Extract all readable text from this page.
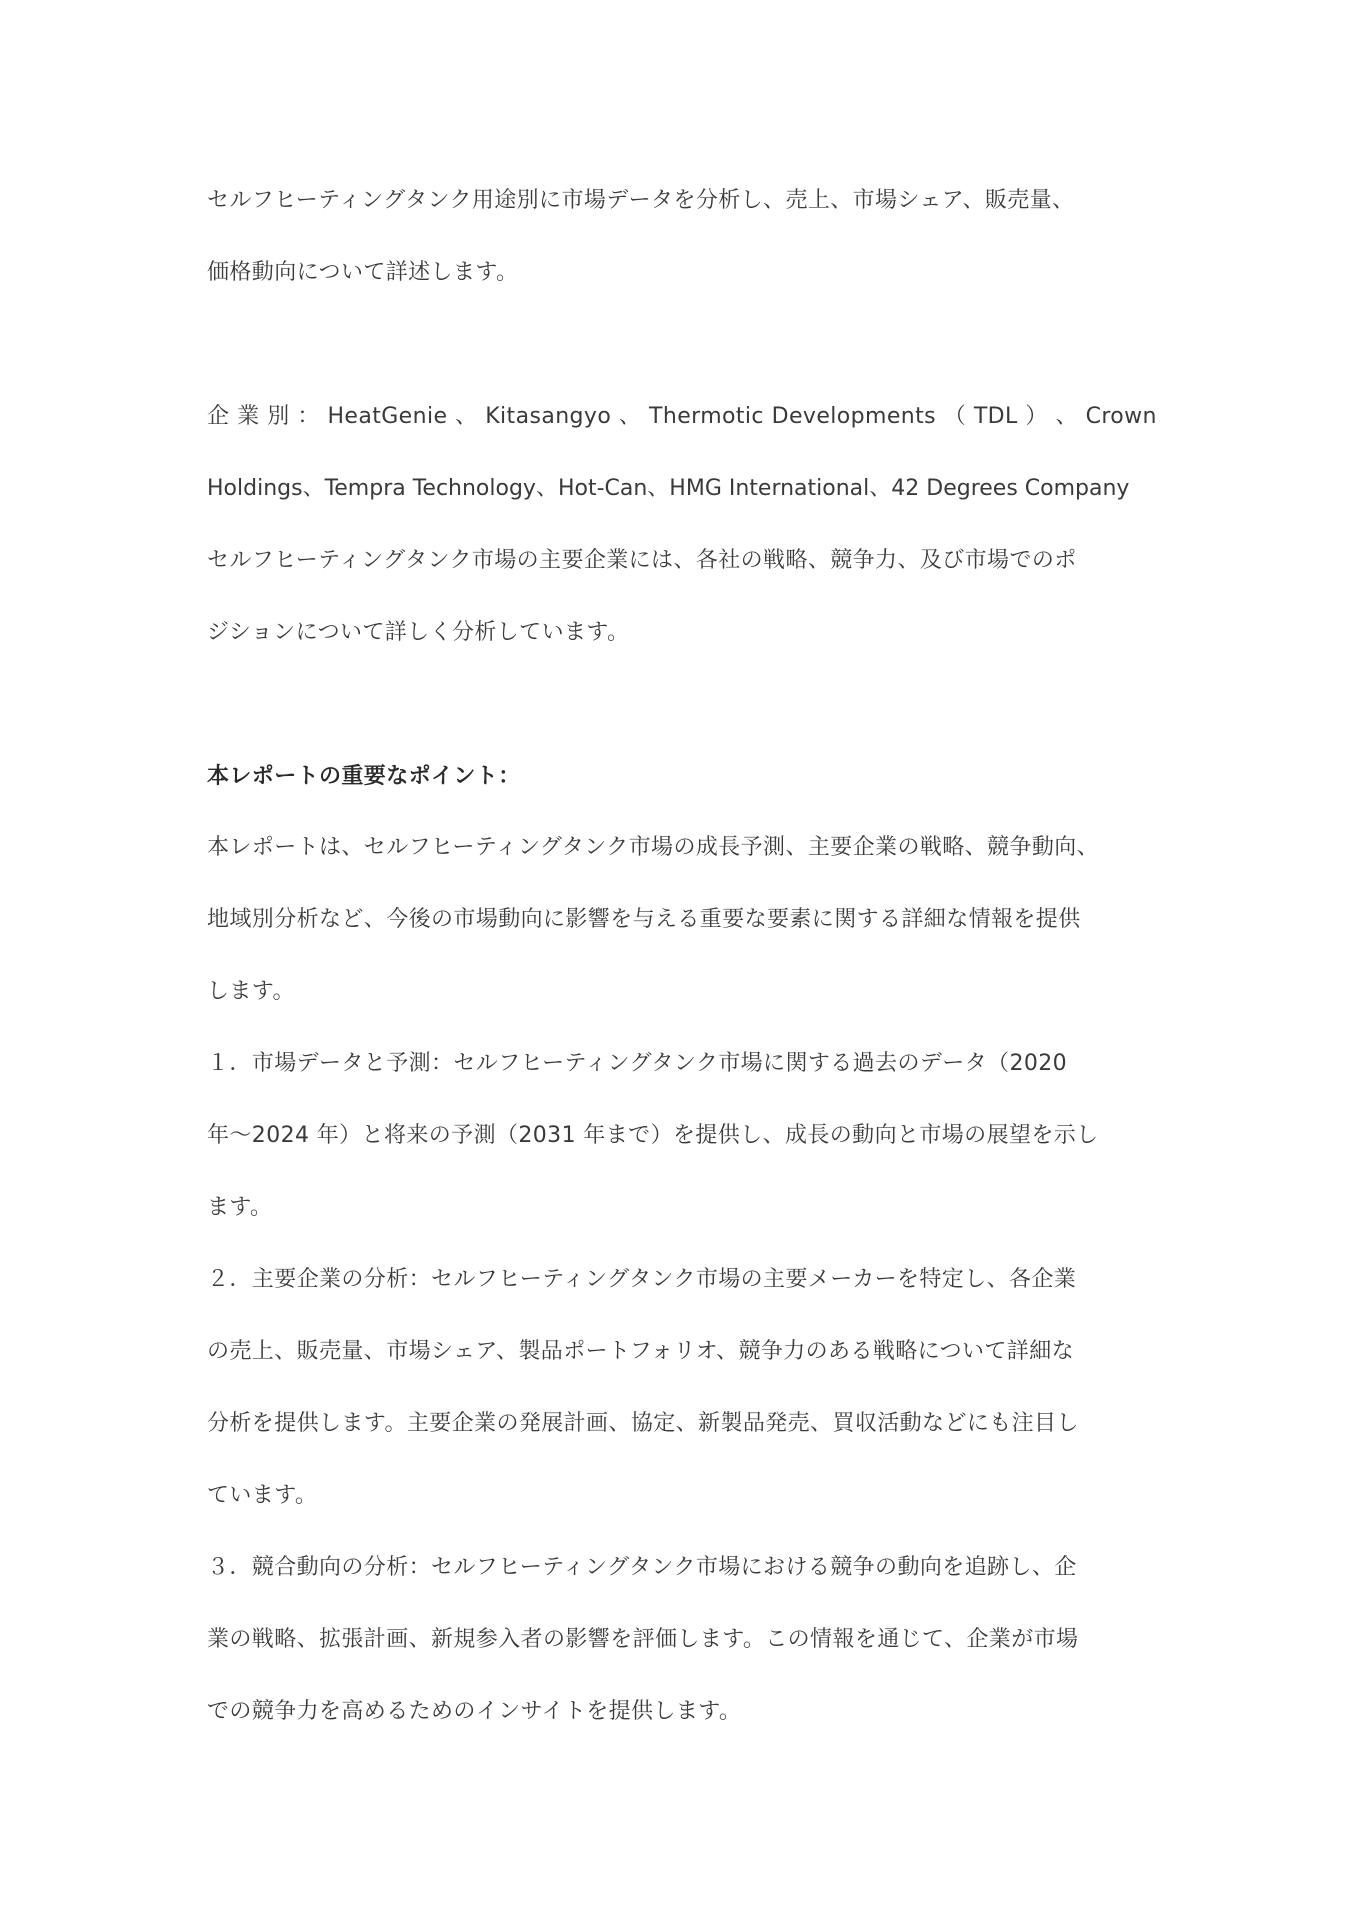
セルフヒーティングタンク用途別に市場データを分析し、売上、市場シェア、販売量、

価格動向について詳述します。

企 業 別 ： HeatGenie 、 Kitasangyo 、 Thermotic Developments （ TDL ） 、 Crown

Holdings、Tempra Technology、Hot-Can、HMG International、42 Degrees Company

セルフヒーティングタンク市場の主要企業には、各社の戦略、競争力、及び市場でのポ

ジションについて詳しく分析しています。

本レポートの重要なポイント：

本レポートは、セルフヒーティングタンク市場の成長予測、主要企業の戦略、競争動向、

地域別分析など、今後の市場動向に影響を与える重要な要素に関する詳細な情報を提供

します。

１．市場データと予測：セルフヒーティングタンク市場に関する過去のデータ（2020

年～2024 年）と将来の予測（2031 年まで）を提供し、成長の動向と市場の展望を示し

ます。

２．主要企業の分析：セルフヒーティングタンク市場の主要メーカーを特定し、各企業

の売上、販売量、市場シェア、製品ポートフォリオ、競争力のある戦略について詳細な

分析を提供します。主要企業の発展計画、協定、新製品発売、買収活動などにも注目し

ています。

３．競合動向の分析：セルフヒーティングタンク市場における競争の動向を追跡し、企

業の戦略、拡張計画、新規参入者の影響を評価します。この情報を通じて、企業が市場

での競争力を高めるためのインサイトを提供します。
